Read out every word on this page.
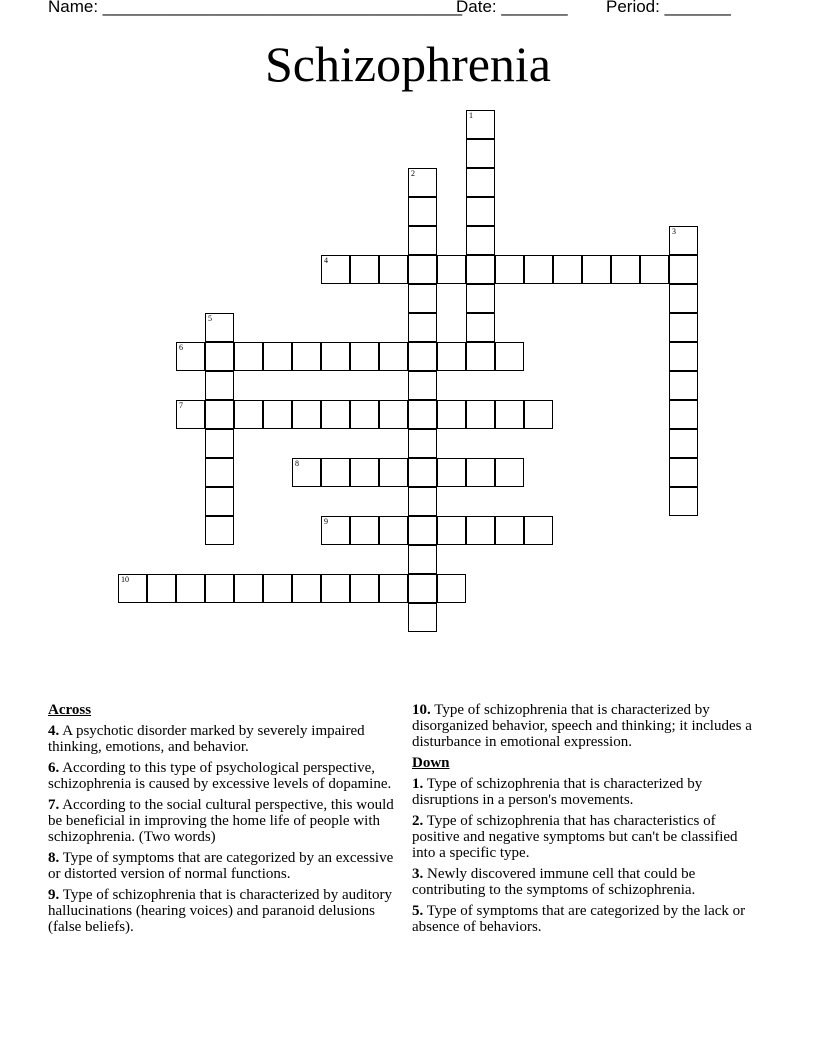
Name: ______________________________________Date: _______ Period: _______
Schizophrenia
1
2
3
4
5
6
7
8
9
10
Across
4. A psychotic disorder marked by severely impaired thinking, emotions, and behavior.
6. According to this type of psychological perspective, schizophrenia is caused by excessive levels of dopamine.
7. According to the social cultural perspective, this would be beneficial in improving the home life of people with schizophrenia. (Two words)
8. Type of symptoms that are categorized by an excessive or distorted version of normal functions.
9. Type of schizophrenia that is characterized by auditory hallucinations (hearing voices) and paranoid delusions (false beliefs).
10. Type of schizophrenia that is characterized by disorganized behavior, speech and thinking; it includes a disturbance in emotional expression.
Down
1. Type of schizophrenia that is characterized by disruptions in a person's movements.
2. Type of schizophrenia that has characteristics of positive and negative symptoms but can't be classified into a specific type.
3. Newly discovered immune cell that could be contributing to the symptoms of schizophrenia.
5. Type of symptoms that are categorized by the lack or absence of behaviors.
